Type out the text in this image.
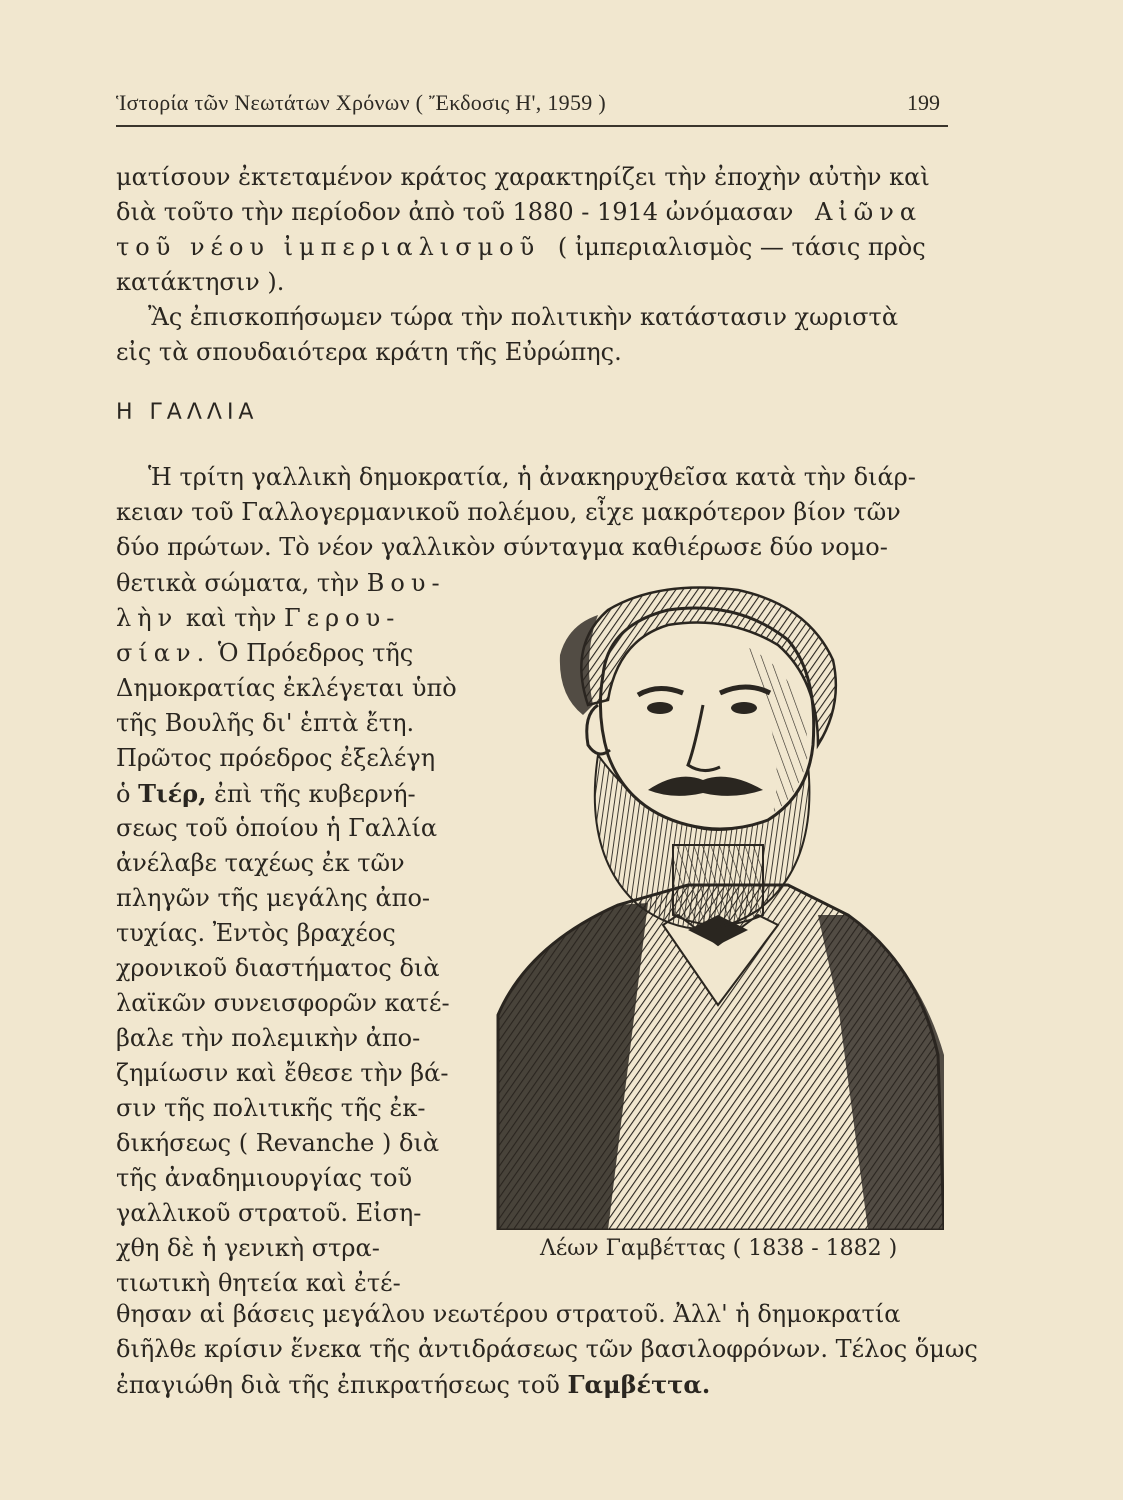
Ἱστορία τῶν Νεωτάτων Χρόνων ( Ἔκδοσις Η', 1959 )	199
ματίσουν ἐκτεταμένον κράτος χαρακτηρίζει τὴν ἐποχὴν αὐτὴν καὶ
διὰ τοῦτο τὴν περίοδον ἀπὸ τοῦ 1880 - 1914 ὠνόμασαν Αἰῶνα
τοῦ νέου ἰμπεριαλισμοῦ ( ἰμπεριαλισμὸς — τάσις πρὸς
κατάκτησιν ).
Ἂς ἐπισκοπήσωμεν τώρα τὴν πολιτικὴν κατάστασιν χωριστὰ
εἰς τὰ σπουδαιότερα κράτη τῆς Εὐρώπης.
Η ΓΑΛΛΙΑ
Ἡ τρίτη γαλλικὴ δημοκρατία, ἡ ἀνακηρυχθεῖσα κατὰ τὴν διάρ-
κειαν τοῦ Γαλλογερμανικοῦ πολέμου, εἶχε μακρότερον βίον τῶν
δύο πρώτων. Τὸ νέον γαλλικὸν σύνταγμα καθιέρωσε δύο νομο-
θετικὰ σώματα, τὴν Βου-
λὴν καὶ τὴν Γερου-
σίαν. Ὁ Πρόεδρος τῆς
Δημοκρατίας ἐκλέγεται ὑπὸ
τῆς Βουλῆς δι' ἑπτὰ ἔτη.
Πρῶτος πρόεδρος ἐξελέγη
ὁ Τιέρ, ἐπὶ τῆς κυβερνή-
σεως τοῦ ὁποίου ἡ Γαλλία
ἀνέλαβε ταχέως ἐκ τῶν
πληγῶν τῆς μεγάλης ἀπο-
τυχίας. Ἐντὸς βραχέος
χρονικοῦ διαστήματος διὰ
λαϊκῶν συνεισφορῶν κατέ-
βαλε τὴν πολεμικὴν ἀπο-
ζημίωσιν καὶ ἔθεσε τὴν βά-
σιν τῆς πολιτικῆς τῆς ἐκ-
δικήσεως ( Revanche ) διὰ
τῆς ἀναδημιουργίας τοῦ
γαλλικοῦ στρατοῦ. Εἰση-
χθη δὲ ἡ γενικὴ στρα-
τιωτικὴ θητεία καὶ ἐτέ-
Λέων Γαμβέττας ( 1838 - 1882 )
θησαν αἱ βάσεις μεγάλου νεωτέρου στρατοῦ. Ἀλλ' ἡ δημοκρατία
διῆλθε κρίσιν ἕνεκα τῆς ἀντιδράσεως τῶν βασιλοφρόνων. Τέλος ὅμως
ἐπαγιώθη διὰ τῆς ἐπικρατήσεως τοῦ Γαμβέττα.
